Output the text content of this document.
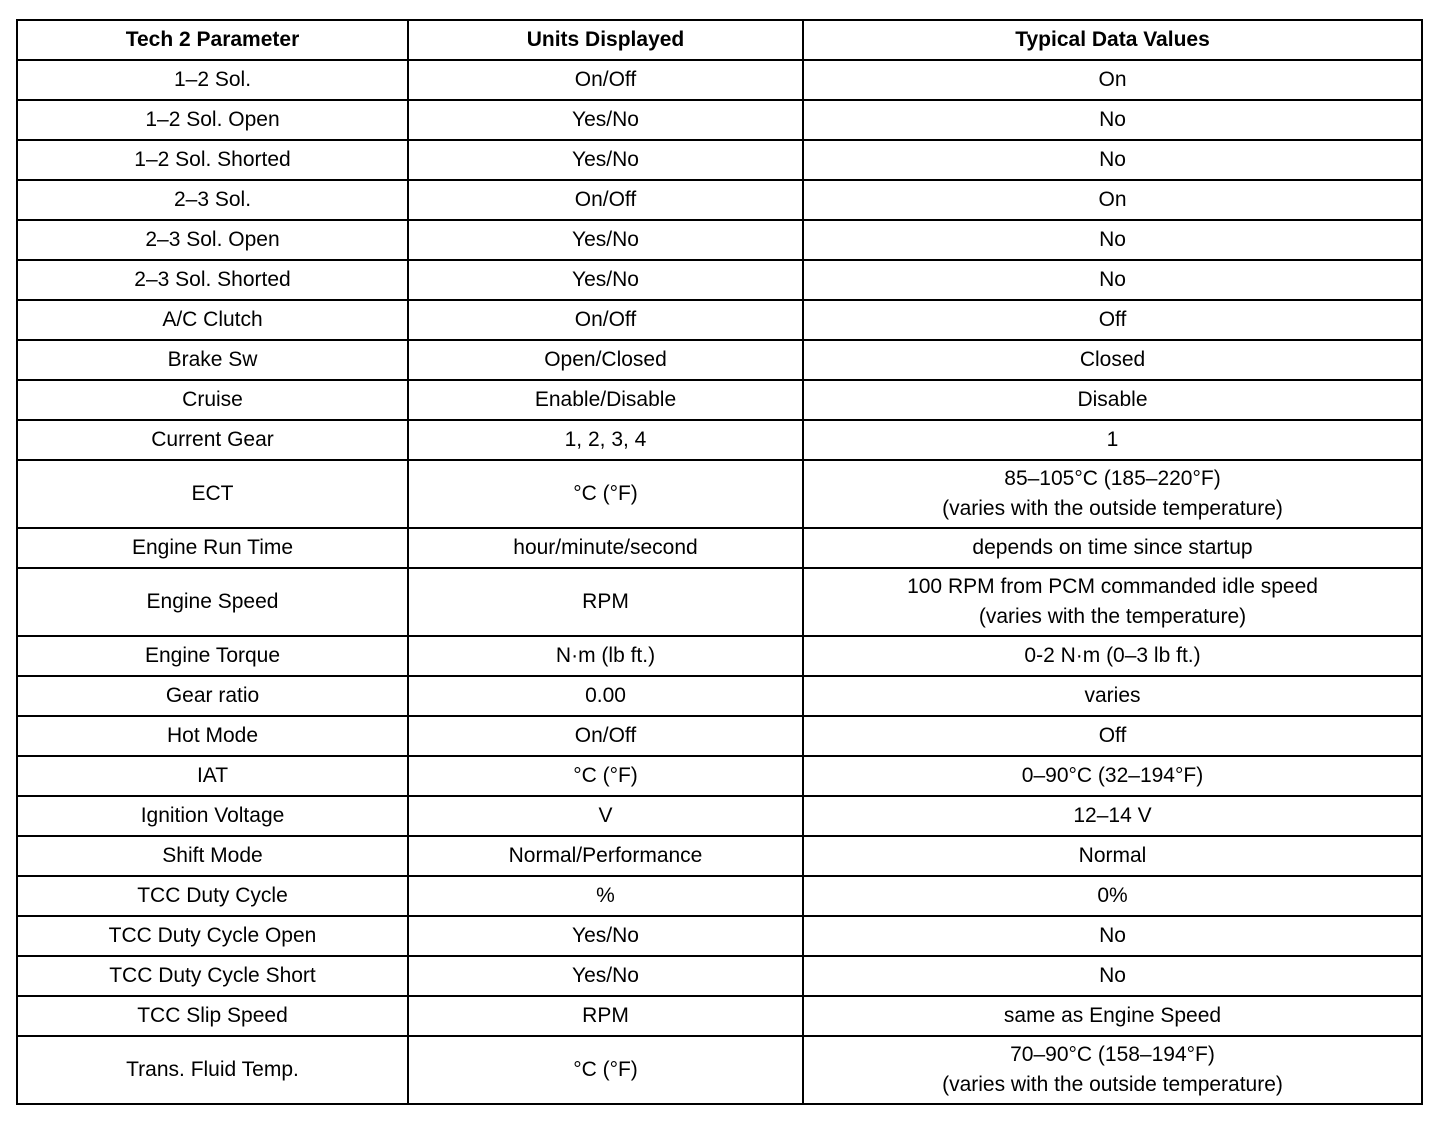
Tech 2 Parameter	Units Displayed	Typical Data Values
1–2 Sol.	On/Off	On

1–2 Sol. Open	Yes/No	No

1–2 Sol. Shorted	Yes/No	No

2–3 Sol.	On/Off	On

2–3 Sol. Open	Yes/No	No

2–3 Sol. Shorted	Yes/No	No

A/C Clutch	On/Off	Off

Brake Sw	Open/Closed	Closed

Cruise	Enable/Disable	Disable

Current Gear	1, 2, 3, 4	1

ECT	°C (°F)	85–105°C (185–220°F)
(varies with the outside temperature)

Engine Run Time	hour/minute/second	depends on time since startup

Engine Speed	RPM	100 RPM from PCM commanded idle speed
(varies with the temperature)

Engine Torque	N·m (lb ft.)	0-2 N·m (0–3 lb ft.)

Gear ratio	0.00	varies

Hot Mode	On/Off	Off

IAT	°C (°F)	0–90°C (32–194°F)

Ignition Voltage	V	12–14 V

Shift Mode	Normal/Performance	Normal

TCC Duty Cycle	%	0%

TCC Duty Cycle Open	Yes/No	No

TCC Duty Cycle Short	Yes/No	No

TCC Slip Speed	RPM	same as Engine Speed

Trans. Fluid Temp.	°C (°F)	70–90°C (158–194°F)
(varies with the outside temperature)
